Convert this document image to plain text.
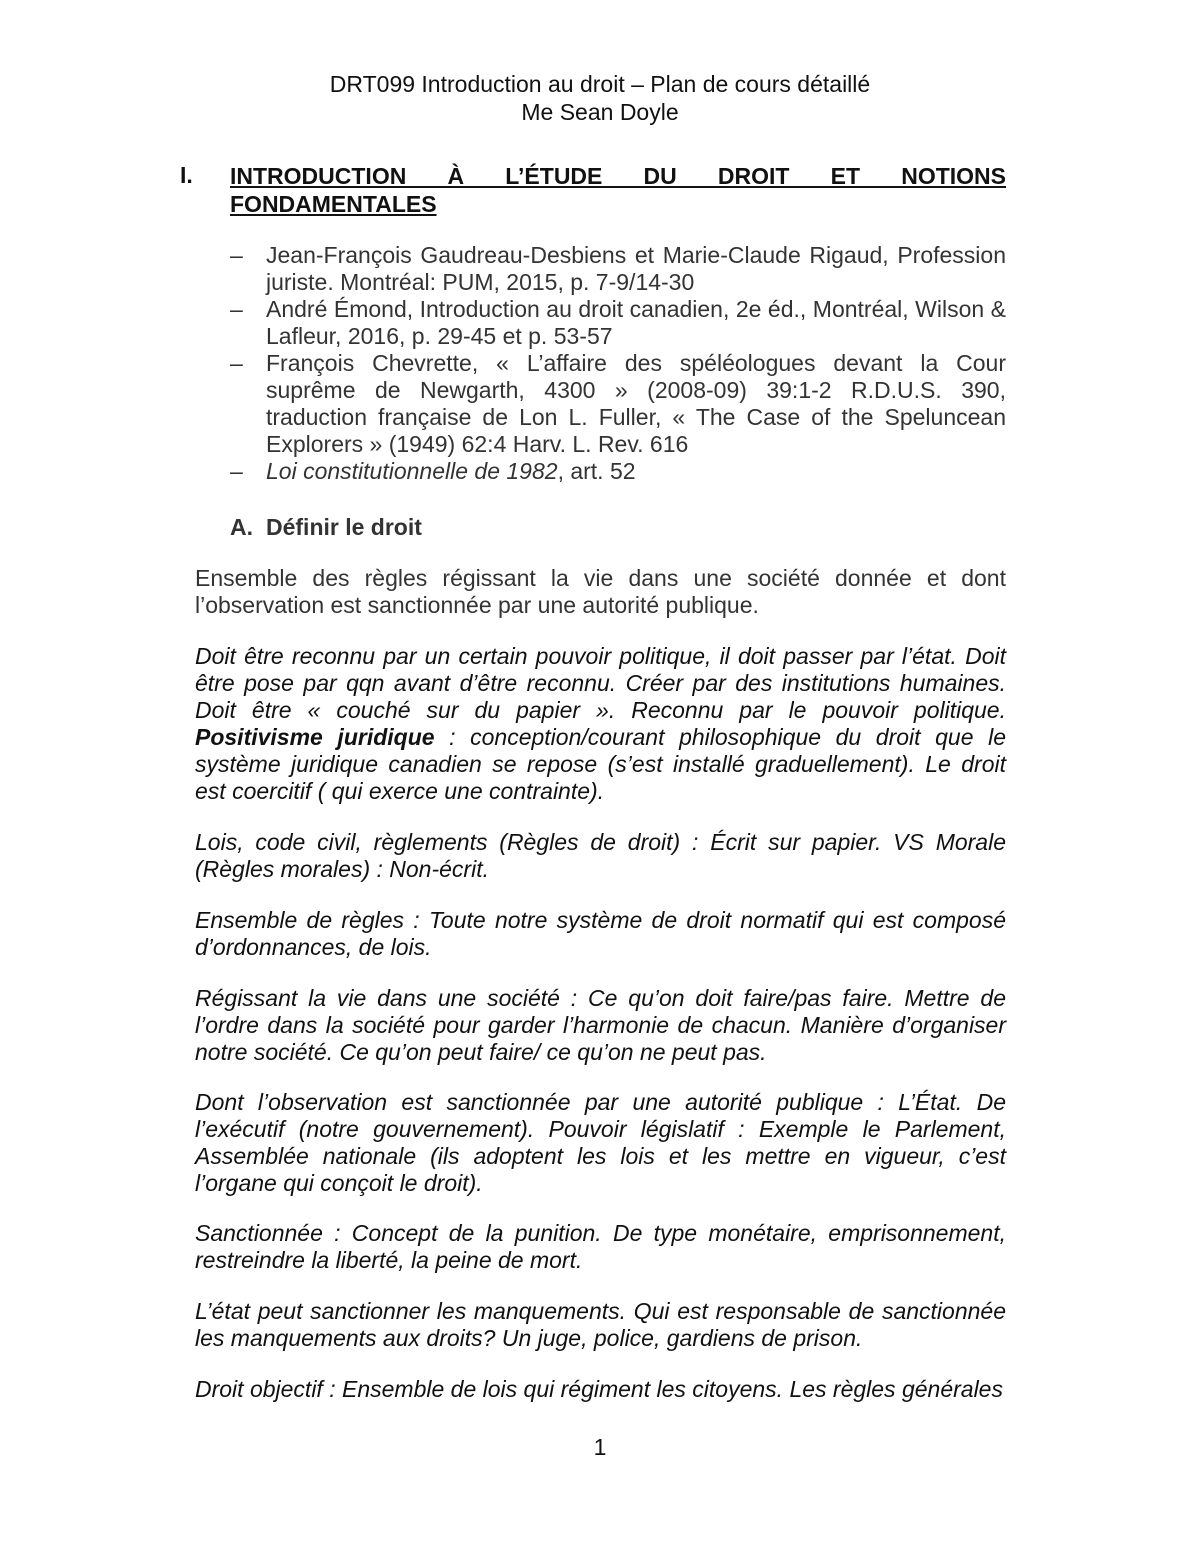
DRT099 Introduction au droit – Plan de cours détaillé
Me Sean Doyle
I. INTRODUCTION À L’ÉTUDE DU DROIT ET NOTIONS
FONDAMENTALES
– Jean-François Gaudreau-Desbiens et Marie-Claude Rigaud, Profession juriste. Montréal: PUM, 2015, p. 7-9/14-30
– André Émond, Introduction au droit canadien, 2e éd., Montréal, Wilson & Lafleur, 2016, p. 29-45 et p. 53-57
– François Chevrette, « L’affaire des spéléologues devant la Cour suprême de Newgarth, 4300 » (2008-09) 39:1-2 R.D.U.S. 390, traduction française de Lon L. Fuller, « The Case of the Speluncean Explorers » (1949) 62:4 Harv. L. Rev. 616
– Loi constitutionnelle de 1982, art. 52
A. Définir le droit

Ensemble des règles régissant la vie dans une société donnée et dont l’observation est sanctionnée par une autorité publique.

Doit être reconnu par un certain pouvoir politique, il doit passer par l’état. Doit être pose par qqn avant d’être reconnu. Créer par des institutions humaines. Doit être « couché sur du papier ». Reconnu par le pouvoir politique. Positivisme juridique : conception/courant philosophique du droit que le système juridique canadien se repose (s’est installé graduellement). Le droit est coercitif ( qui exerce une contrainte).

Lois, code civil, règlements (Règles de droit) : Écrit sur papier. VS Morale (Règles morales) : Non-écrit.

Ensemble de règles : Toute notre système de droit normatif qui est composé d’ordonnances, de lois.

Régissant la vie dans une société : Ce qu’on doit faire/pas faire. Mettre de l’ordre dans la société pour garder l’harmonie de chacun. Manière d’organiser notre société. Ce qu’on peut faire/ ce qu’on ne peut pas.

Dont l’observation est sanctionnée par une autorité publique : L’État. De l’exécutif (notre gouvernement). Pouvoir législatif : Exemple le Parlement, Assemblée nationale (ils adoptent les lois et les mettre en vigueur, c’est l’organe qui conçoit le droit).

Sanctionnée : Concept de la punition. De type monétaire, emprisonnement, restreindre la liberté, la peine de mort.

L’état peut sanctionner les manquements. Qui est responsable de sanctionnée les manquements aux droits? Un juge, police, gardiens de prison.

Droit objectif : Ensemble de lois qui régiment les citoyens. Les règles générales

1
